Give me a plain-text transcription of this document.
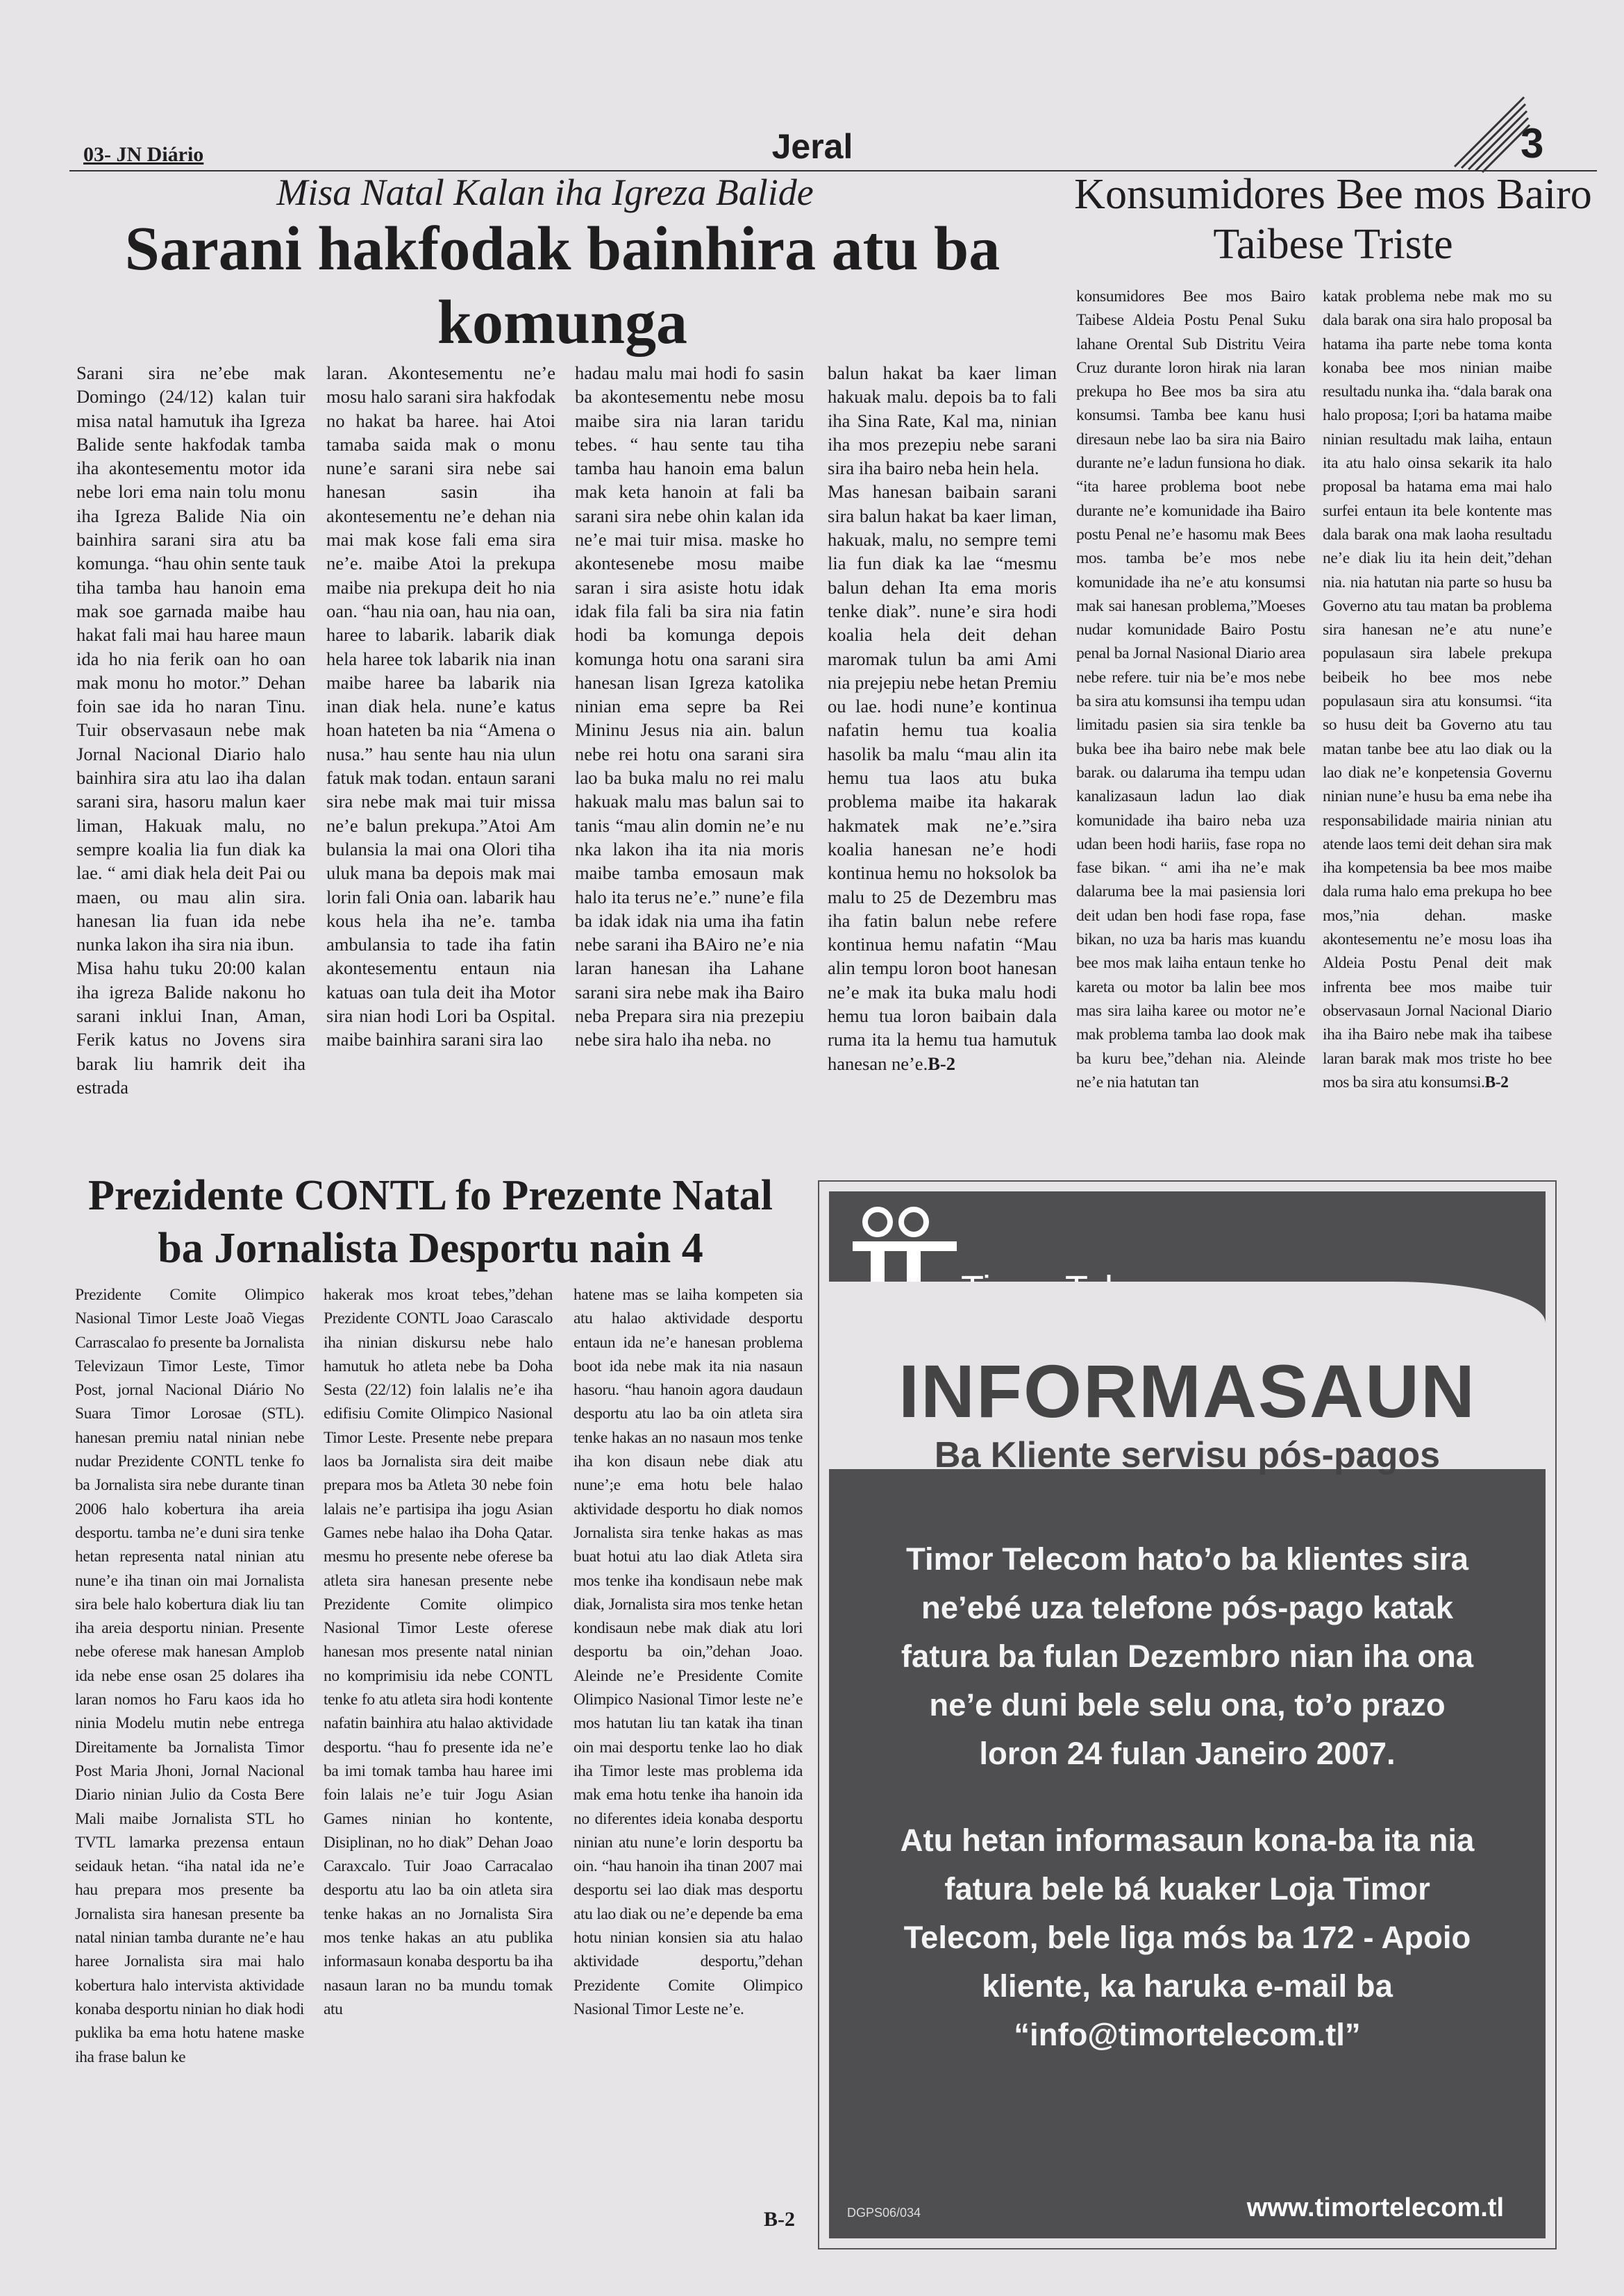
03- JN Diário	Jeral	3
Misa Natal Kalan iha Igreza Balide
Sarani hakfodak bainhira atu ba komunga

Sarani sira ne’ebe mak Domingo (24/12) kalan tuir misa natal hamutuk iha Igreza Balide sente hakfodak tamba iha akontesementu motor ida nebe lori ema nain tolu monu iha Igreza Balide Nia oin bainhira sarani sira atu ba komunga. “hau ohin sente tauk tiha tamba hau hanoin ema mak soe garnada maibe hau hakat fali mai hau haree maun ida ho nia ferik oan ho oan mak monu ho motor.” Dehan foin sae ida ho naran Tinu. Tuir observasaun nebe mak Jornal Nacional Diario halo bainhira sira atu lao iha dalan sarani sira, hasoru malun kaer liman, Hakuak malu, no sempre koalia lia fun diak ka lae. “ ami diak hela deit Pai ou maen, ou mau alin sira. hanesan lia fuan ida nebe nunka lakon iha sira nia ibun.

Misa hahu tuku 20:00 kalan iha igreza Balide nakonu ho sarani inklui Inan, Aman, Ferik katus no Jovens sira barak liu hamrik deit iha estrada

laran. Akontesementu ne’e mosu halo sarani sira hakfodak no hakat ba haree. hai Atoi tamaba saida mak o monu nune’e sarani sira nebe sai hanesan sasin iha akontesementu ne’e dehan nia mai mak kose fali ema sira ne’e. maibe Atoi la prekupa maibe nia prekupa deit ho nia oan. “hau nia oan, hau nia oan, haree to labarik. labarik diak hela haree tok labarik nia inan maibe haree ba labarik nia inan diak hela. nune’e katus hoan hateten ba nia “Amena o nusa.” hau sente hau nia ulun fatuk mak todan. entaun sarani sira nebe mak mai tuir missa ne’e balun prekupa.”Atoi Am bulansia la mai ona Olori tiha uluk mana ba depois mak mai lorin fali Onia oan. labarik hau kous hela iha ne’e. tamba ambulansia to tade iha fatin akontesementu entaun nia katuas oan tula deit iha Motor sira nian hodi Lori ba Ospital. maibe bainhira sarani sira lao

hadau malu mai hodi fo sasin ba akontesementu nebe mosu maibe sira nia laran taridu tebes. “ hau sente tau tiha tamba hau hanoin ema balun mak keta hanoin at fali ba sarani sira nebe ohin kalan ida ne’e mai tuir misa. maske ho akontesenebe mosu maibe saran i sira asiste hotu idak idak fila fali ba sira nia fatin hodi ba komunga depois komunga hotu ona sarani sira hanesan lisan Igreza katolika ninian ema sepre ba Rei Mininu Jesus nia ain. balun nebe rei hotu ona sarani sira lao ba buka malu no rei malu hakuak malu mas balun sai to tanis “mau alin domin ne’e nu nka lakon iha ita nia moris maibe tamba emosaun mak halo ita terus ne’e.” nune’e fila ba idak idak nia uma iha fatin nebe sarani iha BAiro ne’e nia laran hanesan iha Lahane sarani sira nebe mak iha Bairo neba Prepara sira nia prezepiu nebe sira halo iha neba. no

balun hakat ba kaer liman hakuak malu. depois ba to fali iha Sina Rate, Kal ma, ninian iha mos prezepiu nebe sarani sira iha bairo neba hein hela.

Mas hanesan baibain sarani sira balun hakat ba kaer liman, hakuak, malu, no sempre temi lia fun diak ka lae “mesmu balun dehan Ita ema moris tenke diak”. nune’e sira hodi koalia hela deit dehan maromak tulun ba ami Ami nia prejepiu nebe hetan Premiu ou lae. hodi nune’e kontinua nafatin hemu tua koalia hasolik ba malu “mau alin ita hemu tua laos atu buka problema maibe ita hakarak hakmatek mak ne’e.”sira koalia hanesan ne’e hodi kontinua hemu no hoksolok ba malu to 25 de Dezembru mas iha fatin balun nebe refere kontinua hemu nafatin “Mau alin tempu loron boot hanesan ne’e mak ita buka malu hodi hemu tua loron baibain dala ruma ita la hemu tua hamutuk hanesan ne’e.B-2

Konsumidores Bee mos Bairo Taibese Triste

konsumidores Bee mos Bairo Taibese Aldeia Postu Penal Suku lahane Orental Sub Distritu Veira Cruz durante loron hirak nia laran prekupa ho Bee mos ba sira atu konsumsi. Tamba bee kanu husi diresaun nebe lao ba sira nia Bairo durante ne’e ladun funsiona ho diak. “ita haree problema boot nebe durante ne’e komunidade iha Bairo postu Penal ne’e hasomu mak Bees mos. tamba be’e mos nebe komunidade iha ne’e atu konsumsi mak sai hanesan problema,”Moeses nudar komunidade Bairo Postu penal ba Jornal Nasional Diario area nebe refere. tuir nia be’e mos nebe ba sira atu komsunsi iha tempu udan limitadu pasien sia sira tenkle ba buka bee iha bairo nebe mak bele barak. ou dalaruma iha tempu udan kanalizasaun ladun lao diak komunidade iha bairo neba uza udan been hodi hariis, fase ropa no fase bikan. “ ami iha ne’e mak dalaruma bee la mai pasiensia lori deit udan ben hodi fase ropa, fase bikan, no uza ba haris mas kuandu bee mos mak laiha entaun tenke ho kareta ou motor ba lalin bee mos mas sira laiha karee ou motor ne’e mak problema tamba lao dook mak ba kuru bee,”dehan nia. Aleinde ne’e nia hatutan tan

katak problema nebe mak mo su dala barak ona sira halo proposal ba hatama iha parte nebe toma konta konaba bee mos ninian maibe resultadu nunka iha. “dala barak ona halo proposa; I;ori ba hatama maibe ninian resultadu mak laiha, entaun ita atu halo oinsa sekarik ita halo proposal ba hatama ema mai halo surfei entaun ita bele kontente mas dala barak ona mak laoha resultadu ne’e diak liu ita hein deit,”dehan nia. nia hatutan nia parte so husu ba Governo atu tau matan ba problema sira hanesan ne’e atu nune’e populasaun sira labele prekupa beibeik ho bee mos nebe populasaun sira atu konsumsi. “ita so husu deit ba Governo atu tau matan tanbe bee atu lao diak ou la lao diak ne’e konpetensia Governu ninian nune’e husu ba ema nebe iha responsabilidade mairia ninian atu atende laos temi deit dehan sira mak iha kompetensia ba bee mos maibe dala ruma halo ema prekupa ho bee mos,”nia dehan. maske akontesementu ne’e mosu loas iha Aldeia Postu Penal deit mak infrenta bee mos maibe tuir observasaun Jornal Nacional Diario iha iha Bairo nebe mak iha taibese laran barak mak mos triste ho bee mos ba sira atu konsumsi.B-2

Prezidente CONTL fo Prezente Natal
ba Jornalista Desportu nain 4

Prezidente Comite Olimpico Nasional Timor Leste Joaõ Viegas Carrascalao fo presente ba Jornalista Televizaun Timor Leste, Timor Post, jornal Nacional Diário No Suara Timor Lorosae (STL). hanesan premiu natal ninian nebe nudar Prezidente CONTL tenke fo ba Jornalista sira nebe durante tinan 2006 halo kobertura iha areia desportu. tamba ne’e duni sira tenke hetan representa natal ninian atu nune’e iha tinan oin mai Jornalista sira bele halo kobertura diak liu tan iha areia desportu ninian. Presente nebe oferese mak hanesan Amplob ida nebe ense osan 25 dolares iha laran nomos ho Faru kaos ida ho ninia Modelu mutin nebe entrega Direitamente ba Jornalista Timor Post Maria Jhoni, Jornal Nacional Diario ninian Julio da Costa Bere Mali maibe Jornalista STL ho TVTL lamarka prezensa entaun seidauk hetan. “iha natal ida ne’e hau prepara mos presente ba Jornalista sira hanesan presente ba natal ninian tamba durante ne’e hau haree Jornalista sira mai halo kobertura halo intervista aktividade konaba desportu ninian ho diak hodi puklika ba ema hotu hatene maske iha frase balun ke

hakerak mos kroat tebes,”dehan Prezidente CONTL Joao Carascalo iha ninian diskursu nebe halo hamutuk ho atleta nebe ba Doha Sesta (22/12) foin lalalis ne’e iha edifisiu Comite Olimpico Nasional Timor Leste. Presente nebe prepara laos ba Jornalista sira deit maibe prepara mos ba Atleta 30 nebe foin lalais ne’e partisipa iha jogu Asian Games nebe halao iha Doha Qatar. mesmu ho presente nebe oferese ba atleta sira hanesan presente nebe Prezidente Comite olimpico Nasional Timor Leste oferese hanesan mos presente natal ninian no komprimisiu ida nebe CONTL tenke fo atu atleta sira hodi kontente nafatin bainhira atu halao aktividade desportu. “hau fo presente ida ne’e ba imi tomak tamba hau haree imi foin lalais ne’e tuir Jogu Asian Games ninian ho kontente, Disiplinan, no ho diak” Dehan Joao Caraxcalo. Tuir Joao Carracalao desportu atu lao ba oin atleta sira tenke hakas an no Jornalista Sira mos tenke hakas an atu publika informasaun konaba desportu ba iha nasaun laran no ba mundu tomak atu

hatene mas se laiha kompeten sia atu halao aktividade desportu entaun ida ne’e hanesan problema boot ida nebe mak ita nia nasaun hasoru. “hau hanoin agora daudaun desportu atu lao ba oin atleta sira tenke hakas an no nasaun mos tenke iha kon disaun nebe diak atu nune’;e ema hotu bele halao aktividade desportu ho diak nomos Jornalista sira tenke hakas as mas buat hotui atu lao diak Atleta sira mos tenke iha kondisaun nebe mak diak, Jornalista sira mos tenke hetan kondisaun nebe mak diak atu lori desportu ba oin,”dehan Joao. Aleinde ne’e Presidente Comite Olimpico Nasional Timor leste ne’e mos hatutan liu tan katak iha tinan oin mai desportu tenke lao ho diak iha Timor leste mas problema ida mak ema hotu tenke iha hanoin ida no diferentes ideia konaba desportu ninian atu nune’e lorin desportu ba oin. “hau hanoin iha tinan 2007 mai desportu sei lao diak mas desportu atu lao diak ou ne’e depende ba ema hotu ninian konsien sia atu halao aktividade desportu,”dehan Prezidente Comite Olimpico Nasional Timor Leste ne’e.

B-2
INFORMASAUN
Ba Kliente servisu pós-pagos
Timor Telecom hato’o ba klientes sira
ne’ebé uza telefone pós-pago katak
fatura ba fulan Dezembro nian iha ona
ne’e duni bele selu ona, to’o prazo
loron 24 fulan Janeiro 2007.
Atu hetan informasaun kona-ba ita nia
fatura bele bá kuaker Loja Timor
Telecom, bele liga mós ba 172 - Apoio
kliente, ka haruka e-mail ba
“info@timortelecom.tl”
DGPS06/034	www.timortelecom.tl
